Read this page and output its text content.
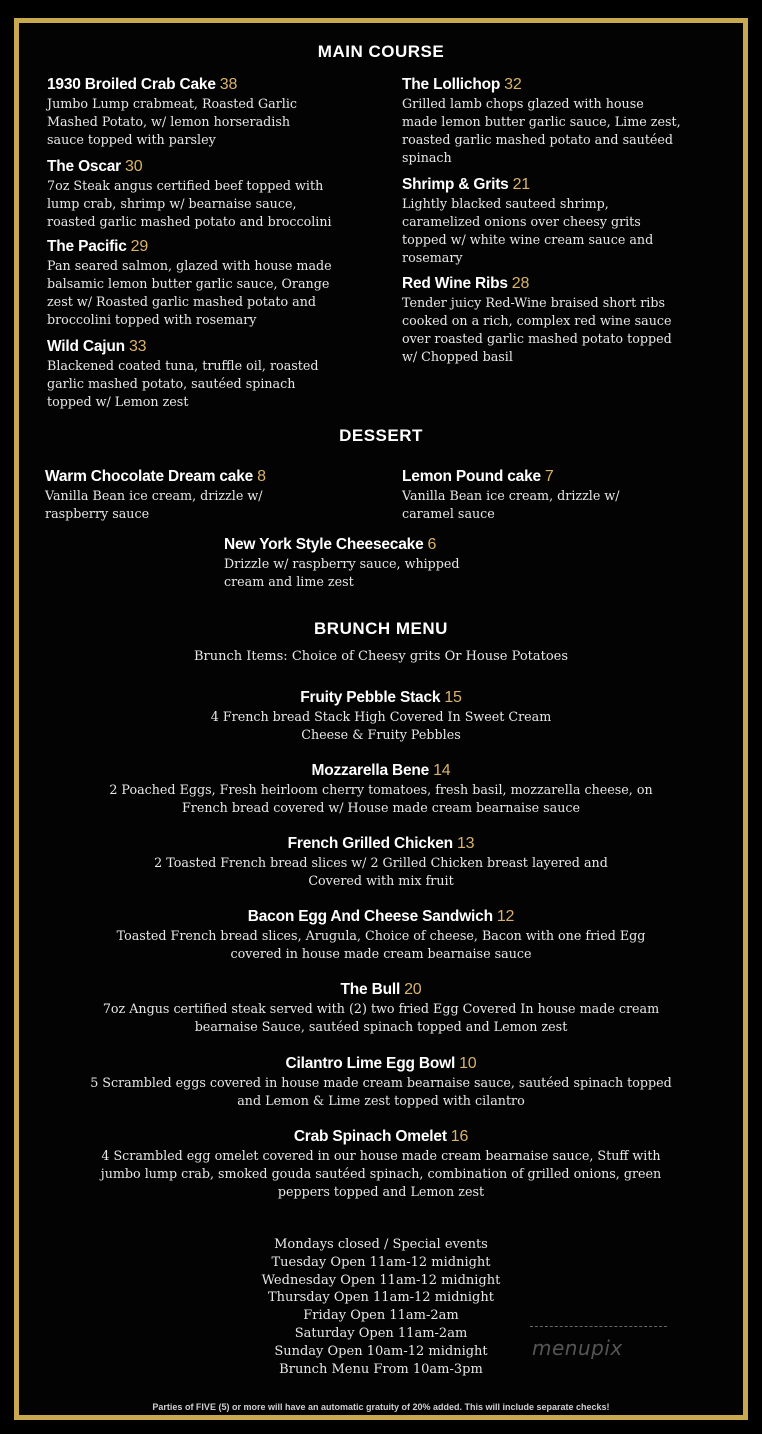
MAIN COURSE
1930 Broiled Crab Cake 38
Jumbo Lump crabmeat, Roasted Garlic
Mashed Potato, w/ lemon horseradish
sauce topped with parsley
The Oscar 30
7oz Steak angus certified beef topped with
lump crab, shrimp w/ bearnaise sauce,
roasted garlic mashed potato and broccolini
The Pacific 29
Pan seared salmon, glazed with house made
balsamic lemon butter garlic sauce, Orange
zest w/ Roasted garlic mashed potato and
broccolini topped with rosemary
Wild Cajun 33
Blackened coated tuna, truffle oil, roasted
garlic mashed potato, sautéed spinach
topped w/ Lemon zest
The Lollichop 32
Grilled lamb chops glazed with house
made lemon butter garlic sauce, Lime zest,
roasted garlic mashed potato and sautéed
spinach
Shrimp & Grits 21
Lightly blacked sauteed shrimp,
caramelized onions over cheesy grits
topped w/ white wine cream sauce and
rosemary
Red Wine Ribs 28
Tender juicy Red-Wine braised short ribs
cooked on a rich, complex red wine sauce
over roasted garlic mashed potato topped
w/ Chopped basil
DESSERT
Warm Chocolate Dream cake 8
Vanilla Bean ice cream, drizzle w/
raspberry sauce
Lemon Pound cake 7
Vanilla Bean ice cream, drizzle w/
caramel sauce
New York Style Cheesecake 6
Drizzle w/ raspberry sauce, whipped
cream and lime zest
BRUNCH MENU
Brunch Items: Choice of Cheesy grits Or House Potatoes
Fruity Pebble Stack 15
4 French bread Stack High Covered In Sweet Cream
Cheese & Fruity Pebbles
Mozzarella Bene 14
2 Poached Eggs, Fresh heirloom cherry tomatoes, fresh basil, mozzarella cheese, on
French bread covered w/ House made cream bearnaise sauce
French Grilled Chicken 13
2 Toasted French bread slices w/ 2 Grilled Chicken breast layered and
Covered with mix fruit
Bacon Egg And Cheese Sandwich 12
Toasted French bread slices, Arugula, Choice of cheese, Bacon with one fried Egg
covered in house made cream bearnaise sauce
The Bull 20
7oz Angus certified steak served with (2) two fried Egg Covered In house made cream
bearnaise Sauce, sautéed spinach topped and Lemon zest
Cilantro Lime Egg Bowl 10
5 Scrambled eggs covered in house made cream bearnaise sauce, sautéed spinach topped
and Lemon & Lime zest topped with cilantro
Crab Spinach Omelet 16
4 Scrambled egg omelet covered in our house made cream bearnaise sauce, Stuff with
jumbo lump crab, smoked gouda sautéed spinach, combination of grilled onions, green
peppers topped and Lemon zest
Mondays closed / Special events
Tuesday Open 11am-12 midnight
Wednesday Open 11am-12 midnight
Thursday Open 11am-12 midnight
Friday Open 11am-2am
Saturday Open 11am-2am
Sunday Open 10am-12 midnight
Brunch Menu From 10am-3pm
menupix
Parties of FIVE (5) or more will have an automatic gratuity of 20% added. This will include separate checks!
